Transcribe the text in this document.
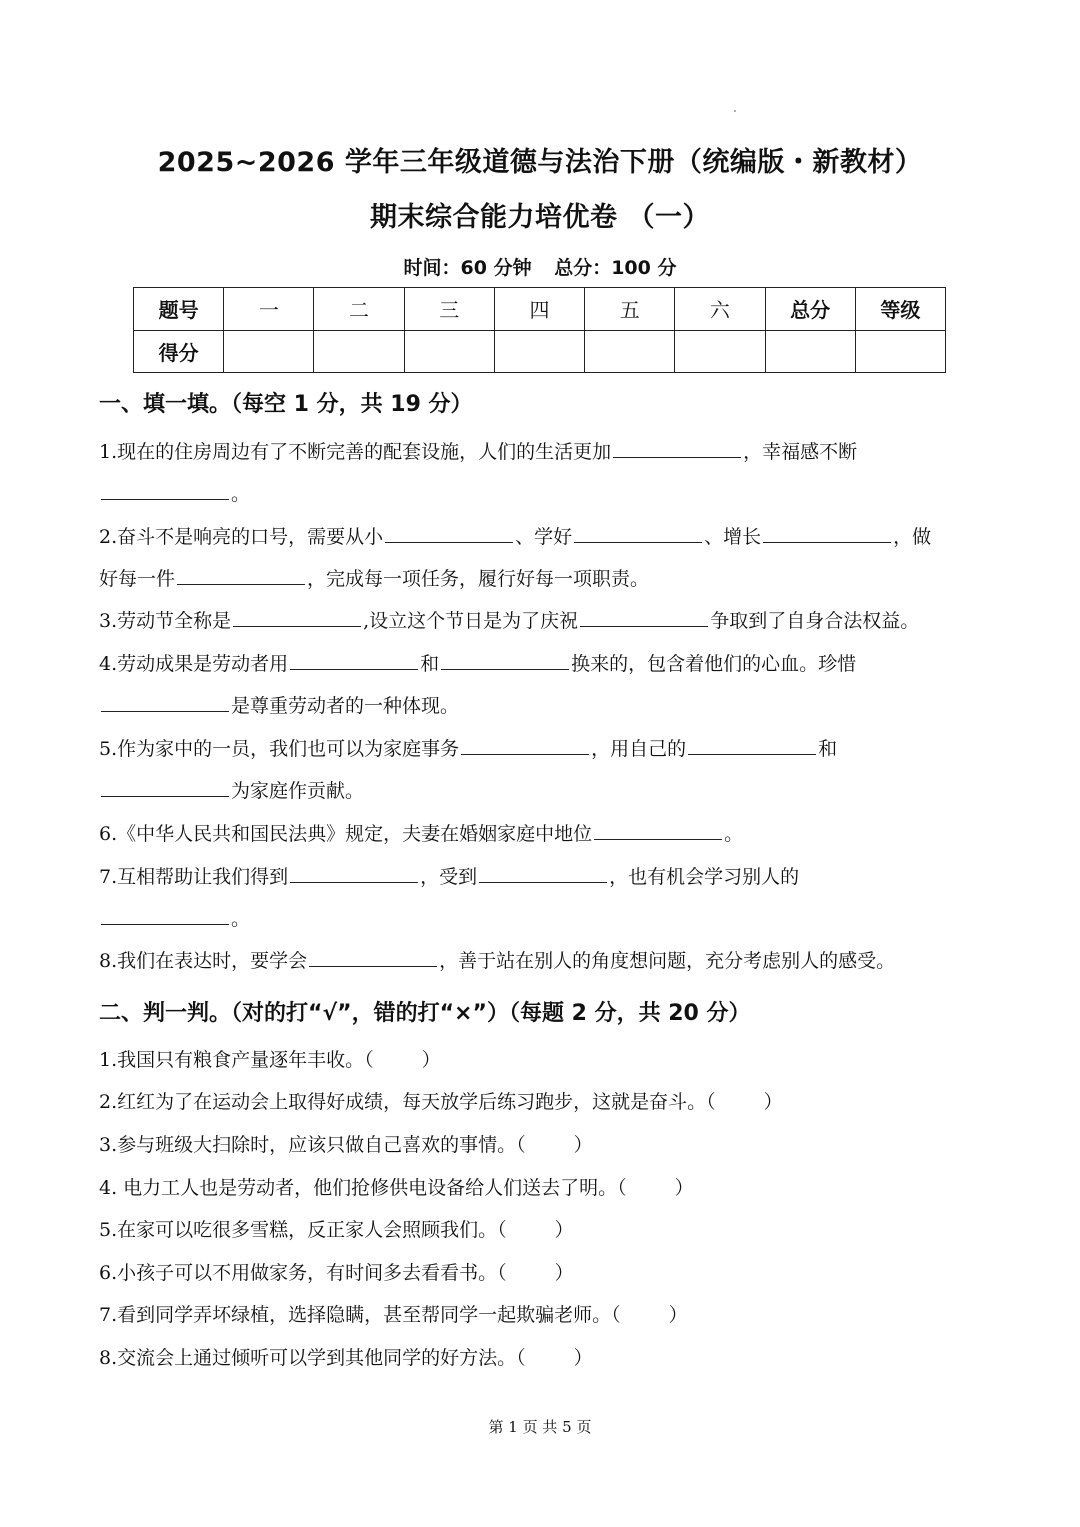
2025~2026 学年三年级道德与法治下册（统编版・新教材）
期末综合能力培优卷 （一）
时间：60 分钟 总分：100 分
题号	一	二	三	四	五	六	总分	等级
得分								
一、填一填。（每空 1 分，共 19 分）
1.现在的住房周边有了不断完善的配套设施，人们的生活更加	，幸福感不断
。
2.奋斗不是响亮的口号，需要从小	、学好	、增长	，做
好每一件	，完成每一项任务，履行好每一项职责。
3.劳动节全称是	,设立这个节日是为了庆祝	争取到了自身合法权益。
4.劳动成果是劳动者用	和	换来的，包含着他们的心血。珍惜
是尊重劳动者的一种体现。
5.作为家中的一员，我们也可以为家庭事务	，用自己的	和
为家庭作贡献。
6.《中华人民共和国民法典》规定，夫妻在婚姻家庭中地位	。
7.互相帮助让我们得到	，受到	，也有机会学习别人的
。
8.我们在表达时，要学会	，善于站在别人的角度想问题，充分考虑别人的感受。
二、判一判。（对的打“√”，错的打“×”）（每题 2 分，共 20 分）
1.我国只有粮食产量逐年丰收。（	）
2.红红为了在运动会上取得好成绩，每天放学后练习跑步，这就是奋斗。（	）
3.参与班级大扫除时，应该只做自己喜欢的事情。（	）
4. 电力工人也是劳动者，他们抢修供电设备给人们送去了明。（	）
5.在家可以吃很多雪糕，反正家人会照顾我们。（	）
6.小孩子可以不用做家务，有时间多去看看书。（	）
7.看到同学弄坏绿植，选择隐瞒，甚至帮同学一起欺骗老师。（	）
8.交流会上通过倾听可以学到其他同学的好方法。（	）
第 1 页 共 5 页
